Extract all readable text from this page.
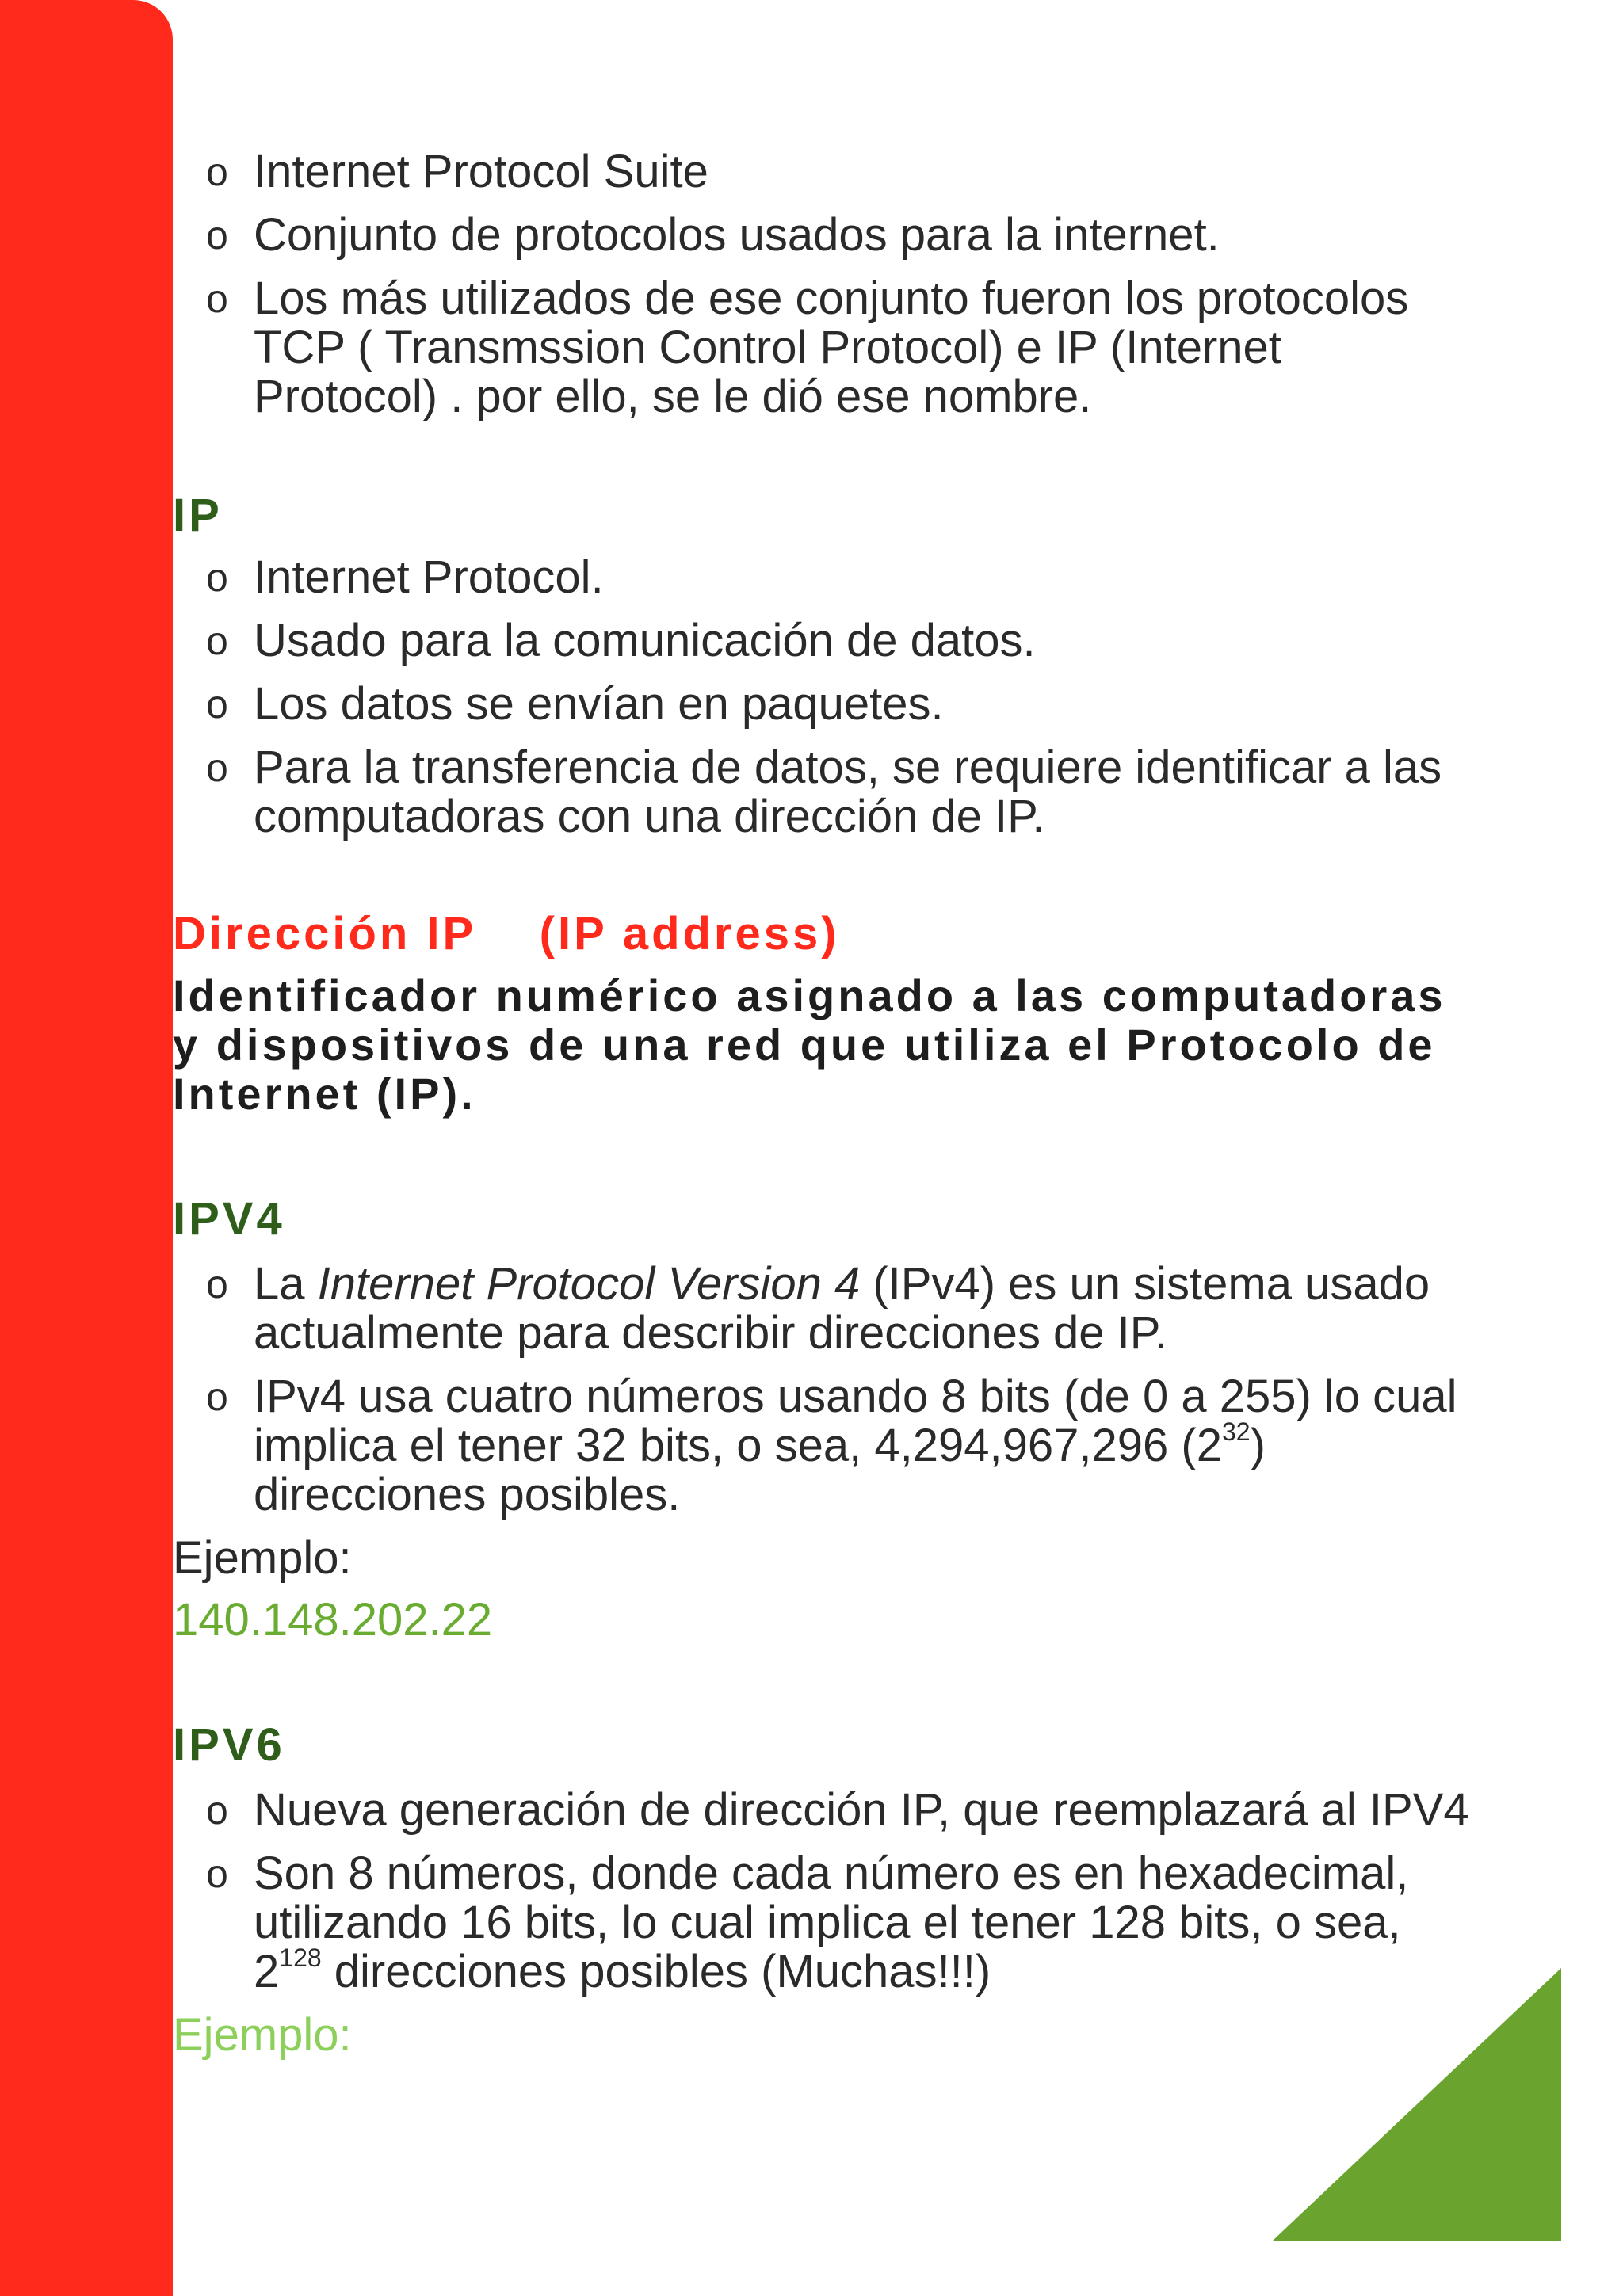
o Internet Protocol Suite
o Conjunto de protocolos usados para la internet.
o Los más utilizados de ese conjunto fueron los protocolos TCP ( Transmssion Control Protocol) e IP (Internet Protocol) . por ello, se le dió ese nombre.
IP
o Internet Protocol.
o Usado para la comunicación de datos.
o Los datos se envían en paquetes.
o Para la transferencia de datos, se requiere identificar a las computadoras con una dirección de IP.
Dirección IP    (IP address)
Identificador numérico asignado a las computadoras y dispositivos de una red que utiliza el Protocolo de Internet (IP).
IPV4
o La Internet Protocol Version 4 (IPv4) es un sistema usado actualmente para describir direcciones de IP.
o IPv4 usa cuatro números usando 8 bits (de 0 a 255) lo cual implica el tener 32 bits, o sea, 4,294,967,296 $(2^{32})$ direcciones posibles.
Ejemplo:
140.148.202.22
IPV6
o Nueva generación de dirección IP, que reemplazará al IPV4
o Son 8 números, donde cada número es en hexadecimal, utilizando 16 bits, lo cual implica el tener 128 bits, o sea, $2^{128}$ direcciones posibles (Muchas!!!)
Ejemplo:
